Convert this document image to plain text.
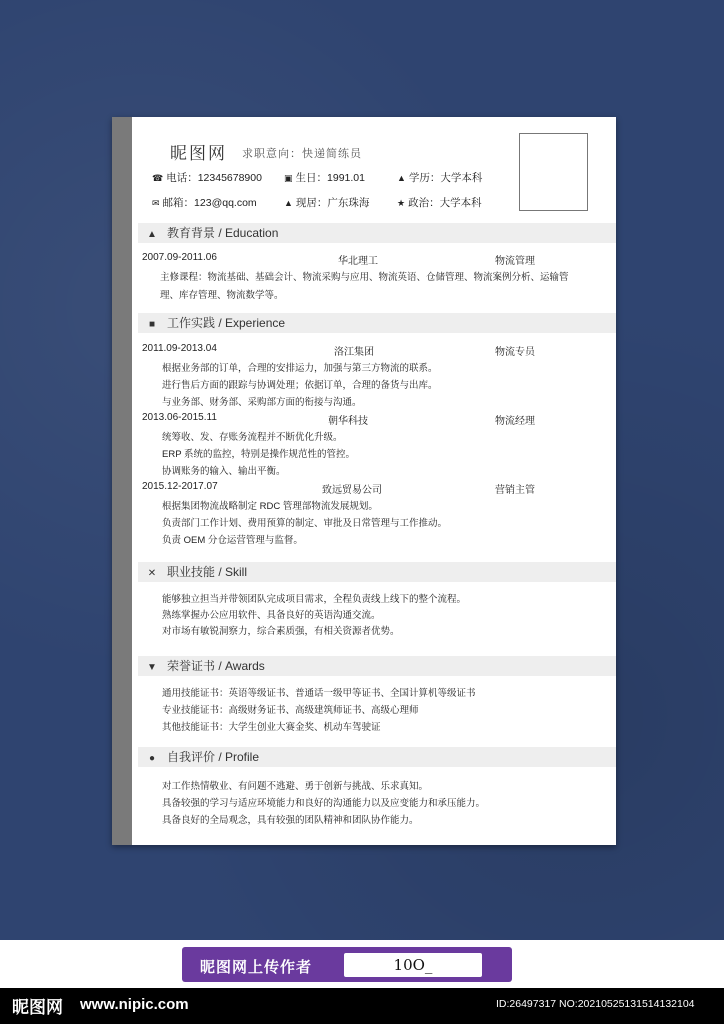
昵图网 求职意向：快递简练员
☎ 电话：12345678900 ▣ 生日：1991.01	▲ 学历：大学本科
✉ 邮箱：123@qq.com	▲ 现居：广东珠海	★ 政治：大学本科
▲ 教育背景 / Education
2007.09-2011.06	华北理工	物流管理
主修课程：物流基础、基础会计、物流采购与应用、物流英语、仓储管理、物流案例分析、运输管
理、库存管理、物流数学等。
■ 工作实践 / Experience
2011.09-2013.04	洛江集团	物流专员
根据业务部的订单，合理的安排运力，加强与第三方物流的联系。
进行售后方面的跟踪与协调处理；依据订单，合理的备货与出库。
与业务部、财务部、采购部方面的衔接与沟通。
2013.06-2015.11	朝华科技	物流经理
统筹收、发、存账务流程并不断优化升级。
ERP 系统的监控，特别是操作规范性的管控。
协调账务的输入、输出平衡。
2015.12-2017.07	致远贸易公司	营销主管
根据集团物流战略制定 RDC 管理部物流发展规划。
负责部门工作计划、费用预算的制定、审批及日常管理与工作推动。
负责 OEM 分仓运营管理与监督。
✕ 职业技能 / Skill
能够独立担当并带领团队完成项目需求，全程负责线上线下的整个流程。
熟练掌握办公应用软件、具备良好的英语沟通交流。
对市场有敏锐洞察力，综合素质强，有相关资源者优势。
▼ 荣誉证书 / Awards
通用技能证书：英语等级证书、普通话一级甲等证书、全国计算机等级证书
专业技能证书：高级财务证书、高级建筑师证书、高级心理师
其他技能证书：大学生创业大赛金奖、机动车驾驶证
● 自我评价 / Profile
对工作热情敬业、有问题不逃避、勇于创新与挑战、乐求真知。
具备较强的学习与适应环境能力和良好的沟通能力以及应变能力和承压能力。
具备良好的全局观念，具有较强的团队精神和团队协作能力。
昵图网上传作者	10O_
昵图网 www.nipic.com	ID:26497317 NO:20210525131514132104
